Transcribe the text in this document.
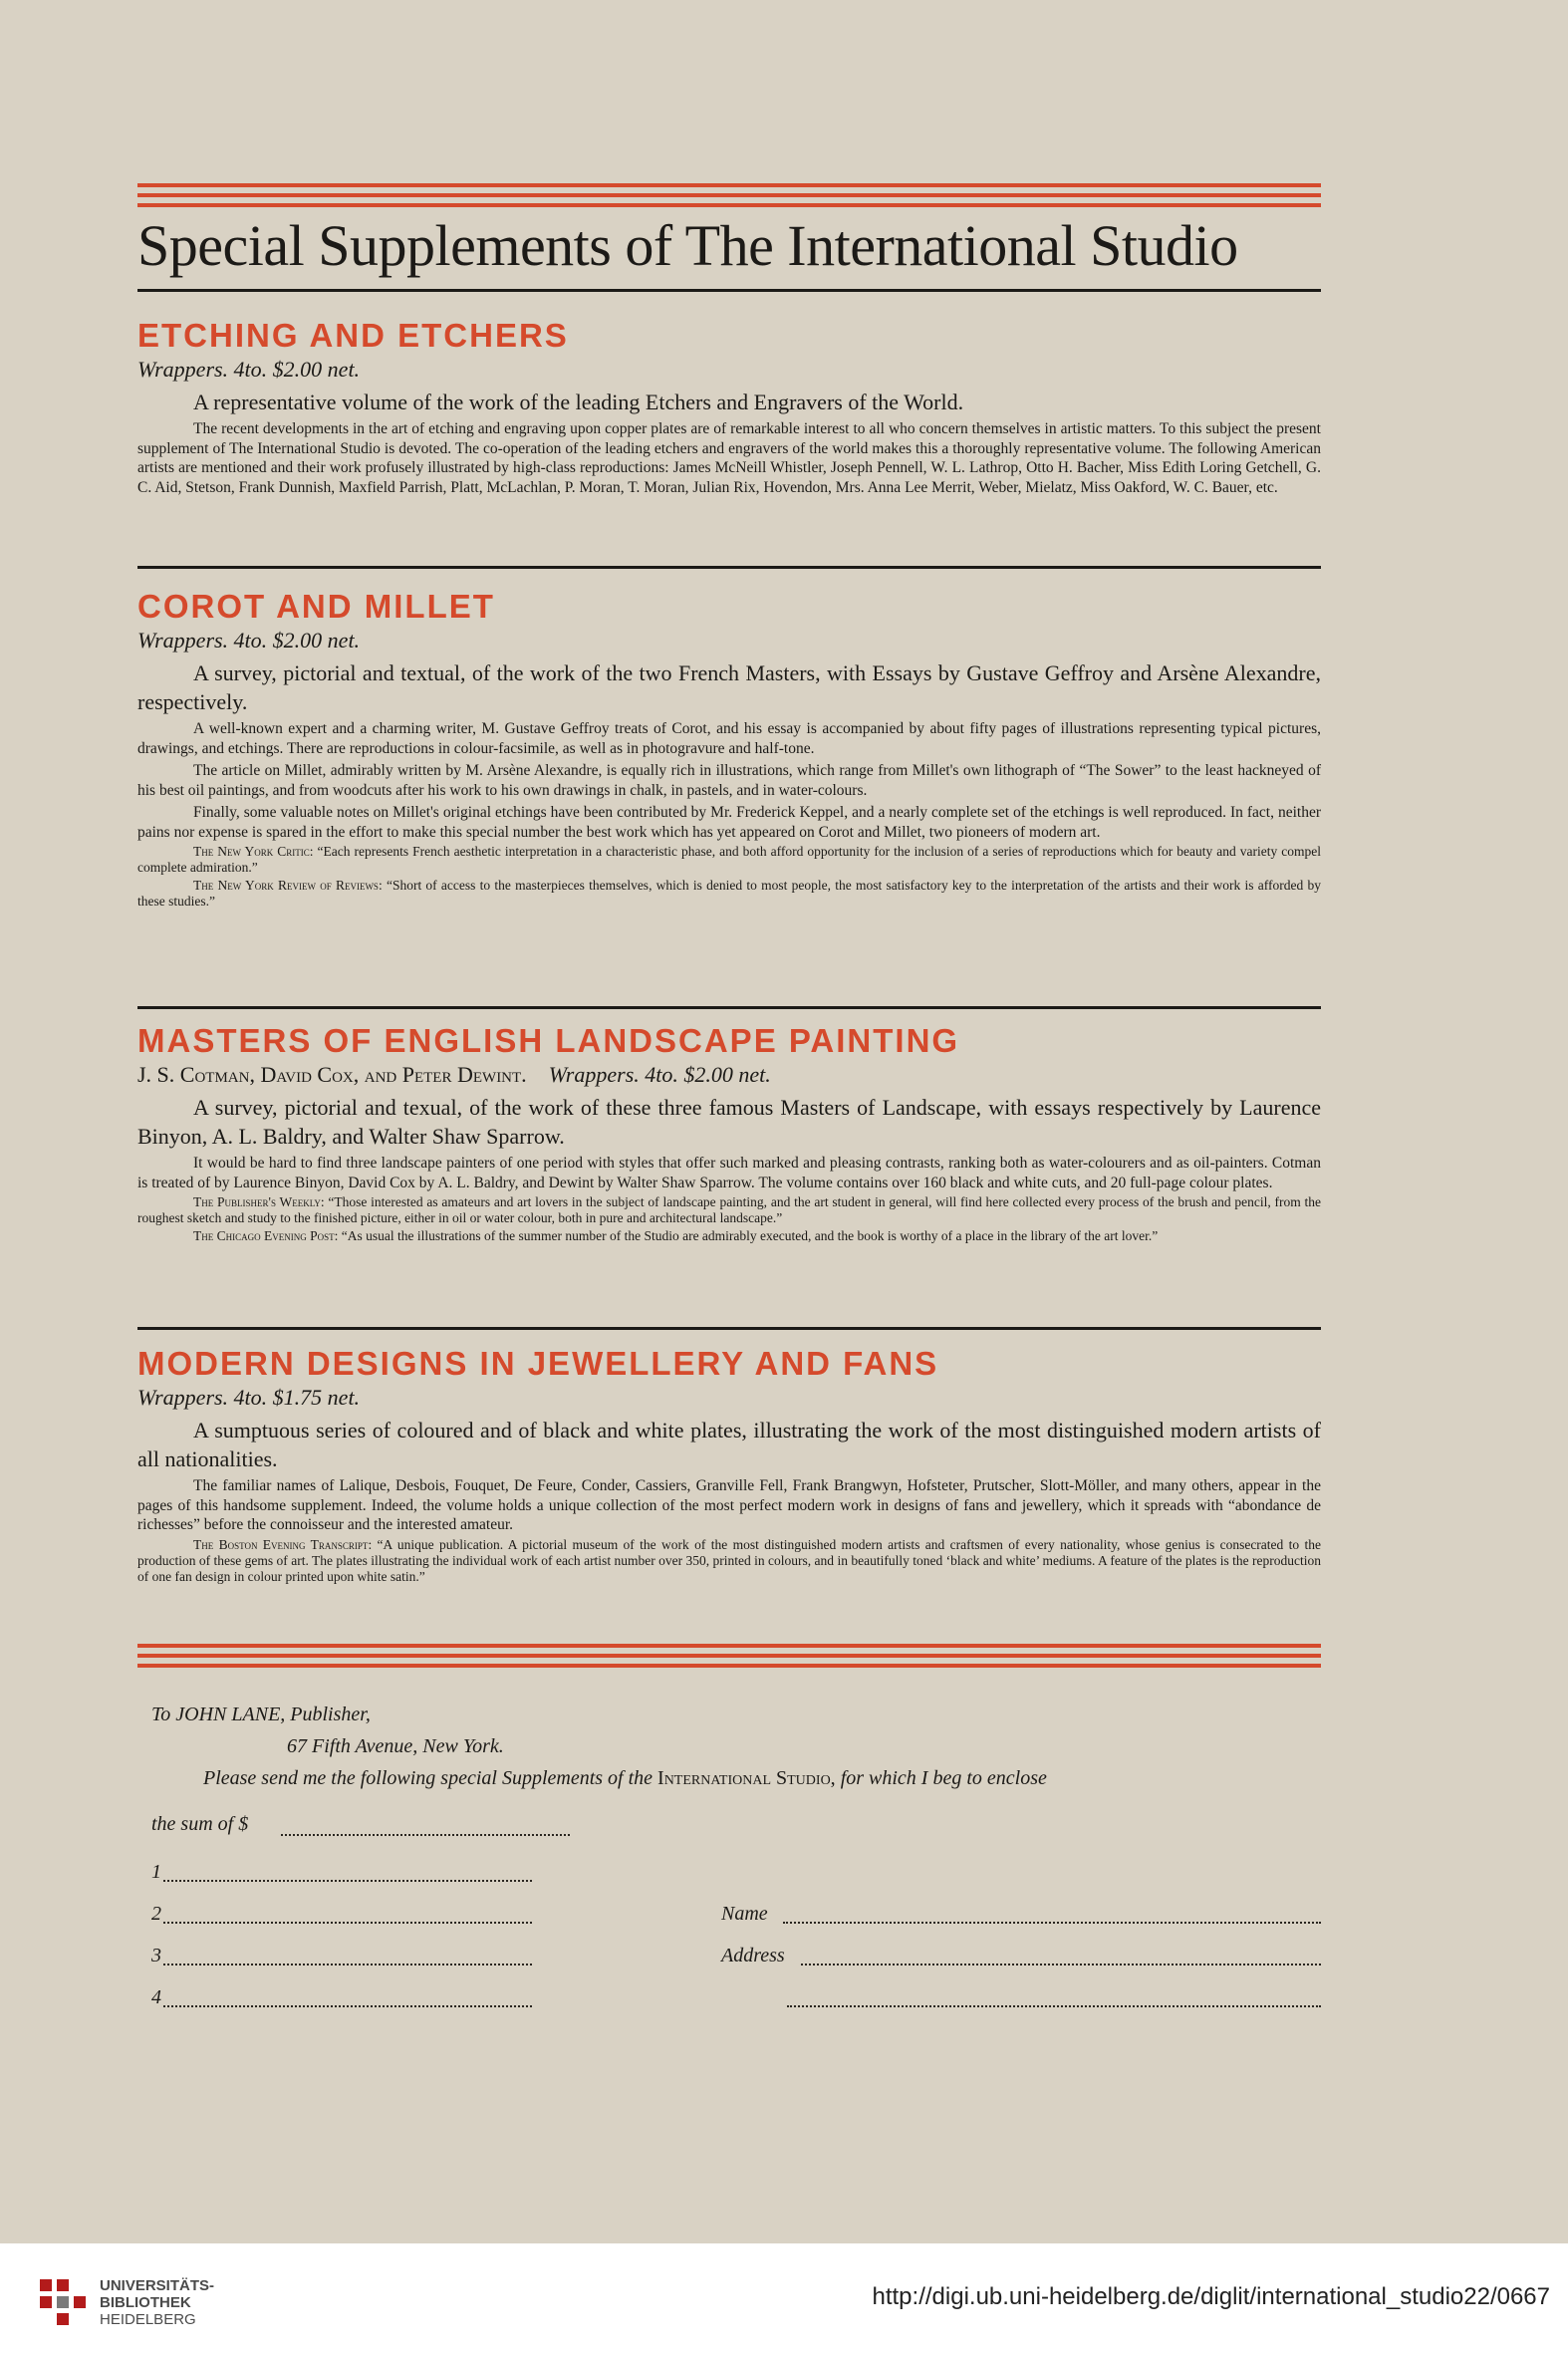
Special Supplements of The International Studio
ETCHING AND ETCHERS
Wrappers. 4to. $2.00 net.

A representative volume of the work of the leading Etchers and Engravers of the World.

The recent developments in the art of etching and engraving upon copper plates are of remarkable interest to all who concern themselves in artistic matters. To this subject the present supplement of The International Studio is devoted. The co-operation of the leading etchers and engravers of the world makes this a thoroughly representative volume. The following American artists are mentioned and their work profusely illustrated by high-class reproductions: James McNeill Whistler, Joseph Pennell, W. L. Lathrop, Otto H. Bacher, Miss Edith Loring Getchell, G. C. Aid, Stetson, Frank Dunnish, Maxfield Parrish, Platt, McLachlan, P. Moran, T. Moran, Julian Rix, Hovendon, Mrs. Anna Lee Merrit, Weber, Mielatz, Miss Oakford, W. C. Bauer, etc.

COROT AND MILLET
Wrappers. 4to. $2.00 net.

A survey, pictorial and textual, of the work of the two French Masters, with Essays by Gustave Geffroy and Arsène Alexandre, respectively.

A well-known expert and a charming writer, M. Gustave Geffroy treats of Corot, and his essay is accompanied by about fifty pages of illustrations representing typical pictures, drawings, and etchings. There are reproductions in colour-facsimile, as well as in photogravure and half-tone.

The article on Millet, admirably written by M. Arsène Alexandre, is equally rich in illustrations, which range from Millet's own lithograph of “The Sower” to the least hackneyed of his best oil paintings, and from woodcuts after his work to his own drawings in chalk, in pastels, and in water-colours.

Finally, some valuable notes on Millet's original etchings have been contributed by Mr. Frederick Keppel, and a nearly complete set of the etchings is well reproduced. In fact, neither pains nor expense is spared in the effort to make this special number the best work which has yet appeared on Corot and Millet, two pioneers of modern art.

The New York Critic: “Each represents French aesthetic interpretation in a characteristic phase, and both afford opportunity for the inclusion of a series of reproductions which for beauty and variety compel complete admiration.”

The New York Review of Reviews: “Short of access to the masterpieces themselves, which is denied to most people, the most satisfactory key to the interpretation of the artists and their work is afforded by these studies.”

MASTERS OF ENGLISH LANDSCAPE PAINTING
J. S. Cotman, David Cox, and Peter Dewint. Wrappers. 4to. $2.00 net.

A survey, pictorial and texual, of the work of these three famous Masters of Landscape, with essays respectively by Laurence Binyon, A. L. Baldry, and Walter Shaw Sparrow.

It would be hard to find three landscape painters of one period with styles that offer such marked and pleasing contrasts, ranking both as water-colourers and as oil-painters. Cotman is treated of by Laurence Binyon, David Cox by A. L. Baldry, and Dewint by Walter Shaw Sparrow. The volume contains over 160 black and white cuts, and 20 full-page colour plates.

The Publisher's Weekly: “Those interested as amateurs and art lovers in the subject of landscape painting, and the art student in general, will find here collected every process of the brush and pencil, from the roughest sketch and study to the finished picture, either in oil or water colour, both in pure and architectural landscape.”

The Chicago Evening Post: “As usual the illustrations of the summer number of the Studio are admirably executed, and the book is worthy of a place in the library of the art lover.”

MODERN DESIGNS IN JEWELLERY AND FANS
Wrappers. 4to. $1.75 net.

A sumptuous series of coloured and of black and white plates, illustrating the work of the most distinguished modern artists of all nationalities.

The familiar names of Lalique, Desbois, Fouquet, De Feure, Conder, Cassiers, Granville Fell, Frank Brangwyn, Hofsteter, Prutscher, Slott-Möller, and many others, appear in the pages of this handsome supplement. Indeed, the volume holds a unique collection of the most perfect modern work in designs of fans and jewellery, which it spreads with “abondance de richesses” before the connoisseur and the interested amateur.

The Boston Evening Transcript: “A unique publication. A pictorial museum of the work of the most distinguished modern artists and craftsmen of every nationality, whose genius is consecrated to the production of these gems of art. The plates illustrating the individual work of each artist number over 350, printed in colours, and in beautifully toned ‘black and white’ mediums. A feature of the plates is the reproduction of one fan design in colour printed upon white satin.”

To JOHN LANE, Publisher,
67 Fifth Avenue, New York.
Please send me the following special Supplements of the International Studio, for which I beg to enclose
the sum of $
1
2
3
4
Name
Address
UNIVERSITÄTS-
BIBLIOTHEK
HEIDELBERG
http://digi.ub.uni-heidelberg.de/diglit/international_studio22/0667
